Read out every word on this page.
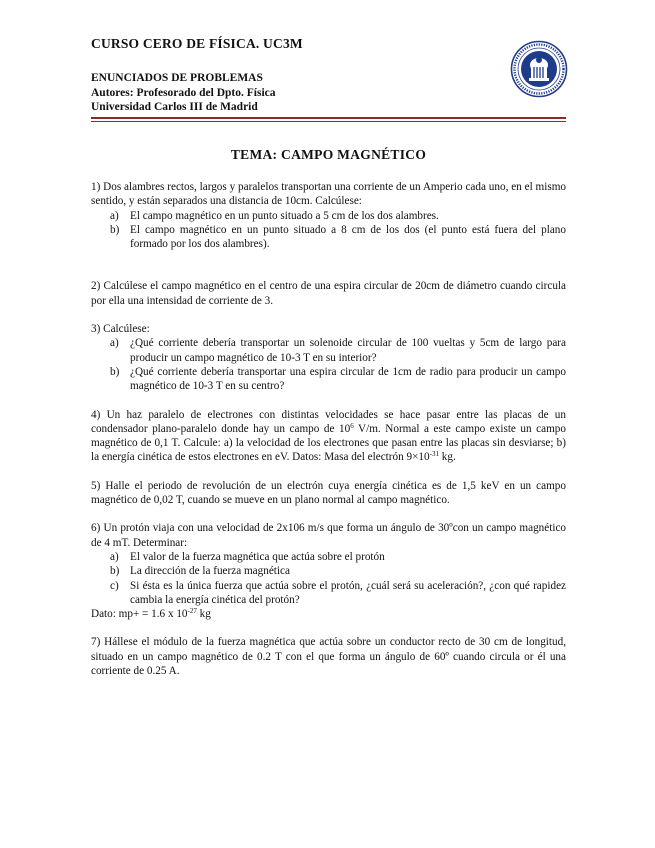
CURSO CERO DE FÍSICA. UC3M
ENUNCIADOS DE PROBLEMAS
Autores: Profesorado del Dpto. Física
Universidad Carlos III de Madrid
TEMA: CAMPO MAGNÉTICO

1) Dos alambres rectos, largos y paralelos transportan una corriente de un Amperio cada uno, en el mismo sentido, y están separados una distancia de 10cm. Calcúlese:

a) El campo magnético en un punto situado a 5 cm de los dos alambres.
b) El campo magnético en un punto situado a 8 cm de los dos (el punto está fuera del plano formado por los dos alambres).

2) Calcúlese el campo magnético en el centro de una espira circular de 20cm de diámetro cuando circula por ella una intensidad de corriente de 3.

3) Calcúlese:

a) ¿Qué corriente debería transportar un solenoide circular de 100 vueltas y 5cm de largo para producir un campo magnético de 10-3 T en su interior?
b) ¿Qué corriente debería transportar una espira circular de 1cm de radio para producir un campo magnético de 10-3 T en su centro?

4) Un haz paralelo de electrones con distintas velocidades se hace pasar entre las placas de un condensador plano-paralelo donde hay un campo de $10^6$ V/m. Normal a este campo existe un campo magnético de 0,1 T. Calcule: a) la velocidad de los electrones que pasan entre las placas sin desviarse; b) la energía cinética de estos electrones en eV. Datos: Masa del electrón $9\times 10^{-31}$ kg.

5) Halle el periodo de revolución de un electrón cuya energía cinética es de 1,5 keV en un campo magnético de 0,02 T, cuando se mueve en un plano normal al campo magnético.

6) Un protón viaja con una velocidad de 2x106 m/s que forma un ángulo de 30ºcon un campo magnético de 4 mT. Determinar:

a) El valor de la fuerza magnética que actúa sobre el protón
b) La dirección de la fuerza magnética
c) Si ésta es la única fuerza que actúa sobre el protón, ¿cuál será su aceleración?, ¿con qué rapidez cambia la energía cinética del protón?

Dato: mp+ = 1.6 x $10^{-27}$ kg

7) Hállese el módulo de la fuerza magnética que actúa sobre un conductor recto de 30 cm de longitud, situado en un campo magnético de 0.2 T con el que forma un ángulo de 60º cuando circula or él una corriente de 0.25 A.
